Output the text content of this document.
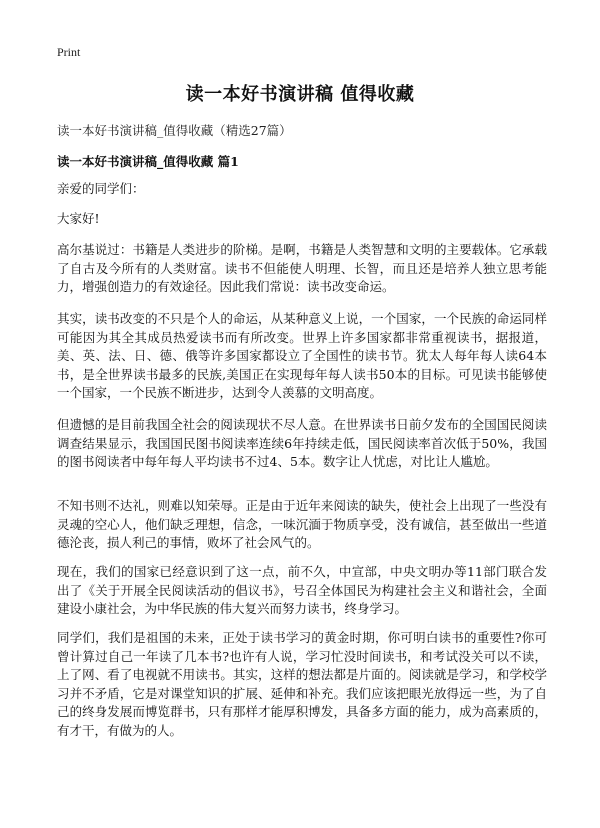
Print
读一本好书演讲稿 值得收藏
读一本好书演讲稿_值得收藏（精选27篇）
读一本好书演讲稿_值得收藏 篇1
亲爱的同学们：
大家好!
高尔基说过：书籍是人类进步的阶梯。是啊，书籍是人类智慧和文明的主要载体。它承载了自古及今所有的人类财富。读书不但能使人明理、长智，而且还是培养人独立思考能力，增强创造力的有效途径。因此我们常说：读书改变命运。
其实，读书改变的不只是个人的命运，从某种意义上说，一个国家，一个民族的命运同样可能因为其全其成员热爱读书而有所改变。世界上许多国家都非常重视读书，据报道，美、英、法、日、德、俄等许多国家都设立了全国性的读书节。犹太人每年每人读64本书，是全世界读书最多的民族,美国正在实现每年每人读书50本的目标。可见读书能够使一个国家，一个民族不断进步，达到令人羡慕的文明高度。
但遗憾的是目前我国全社会的阅读现状不尽人意。在世界读书日前夕发布的全国国民阅读调查结果显示，我国国民图书阅读率连续6年持续走低，国民阅读率首次低于50%，我国的图书阅读者中每年每人平均读书不过4、5本。数字让人忧虑，对比让人尴尬。
不知书则不达礼，则难以知荣辱。正是由于近年来阅读的缺失，使社会上出现了一些没有灵魂的空心人，他们缺乏理想，信念，一味沉湎于物质享受，没有诚信，甚至做出一些道德沦丧，损人利己的事情，败坏了社会风气的。
现在，我们的国家已经意识到了这一点，前不久，中宣部，中央文明办等11部门联合发出了《关于开展全民阅读活动的倡议书》，号召全体国民为构建社会主义和谐社会，全面建设小康社会，为中华民族的伟大复兴而努力读书，终身学习。
同学们，我们是祖国的未来，正处于读书学习的黄金时期，你可明白读书的重要性?你可曾计算过自己一年读了几本书?也许有人说，学习忙没时间读书，和考试没关可以不读，上了网、看了电视就不用读书。其实，这样的想法都是片面的。阅读就是学习，和学校学习并不矛盾，它是对课堂知识的扩展、延伸和补充。我们应该把眼光放得远一些，为了自己的终身发展而博览群书，只有那样才能厚积博发，具备多方面的能力，成为高素质的，有才干，有做为的人。
